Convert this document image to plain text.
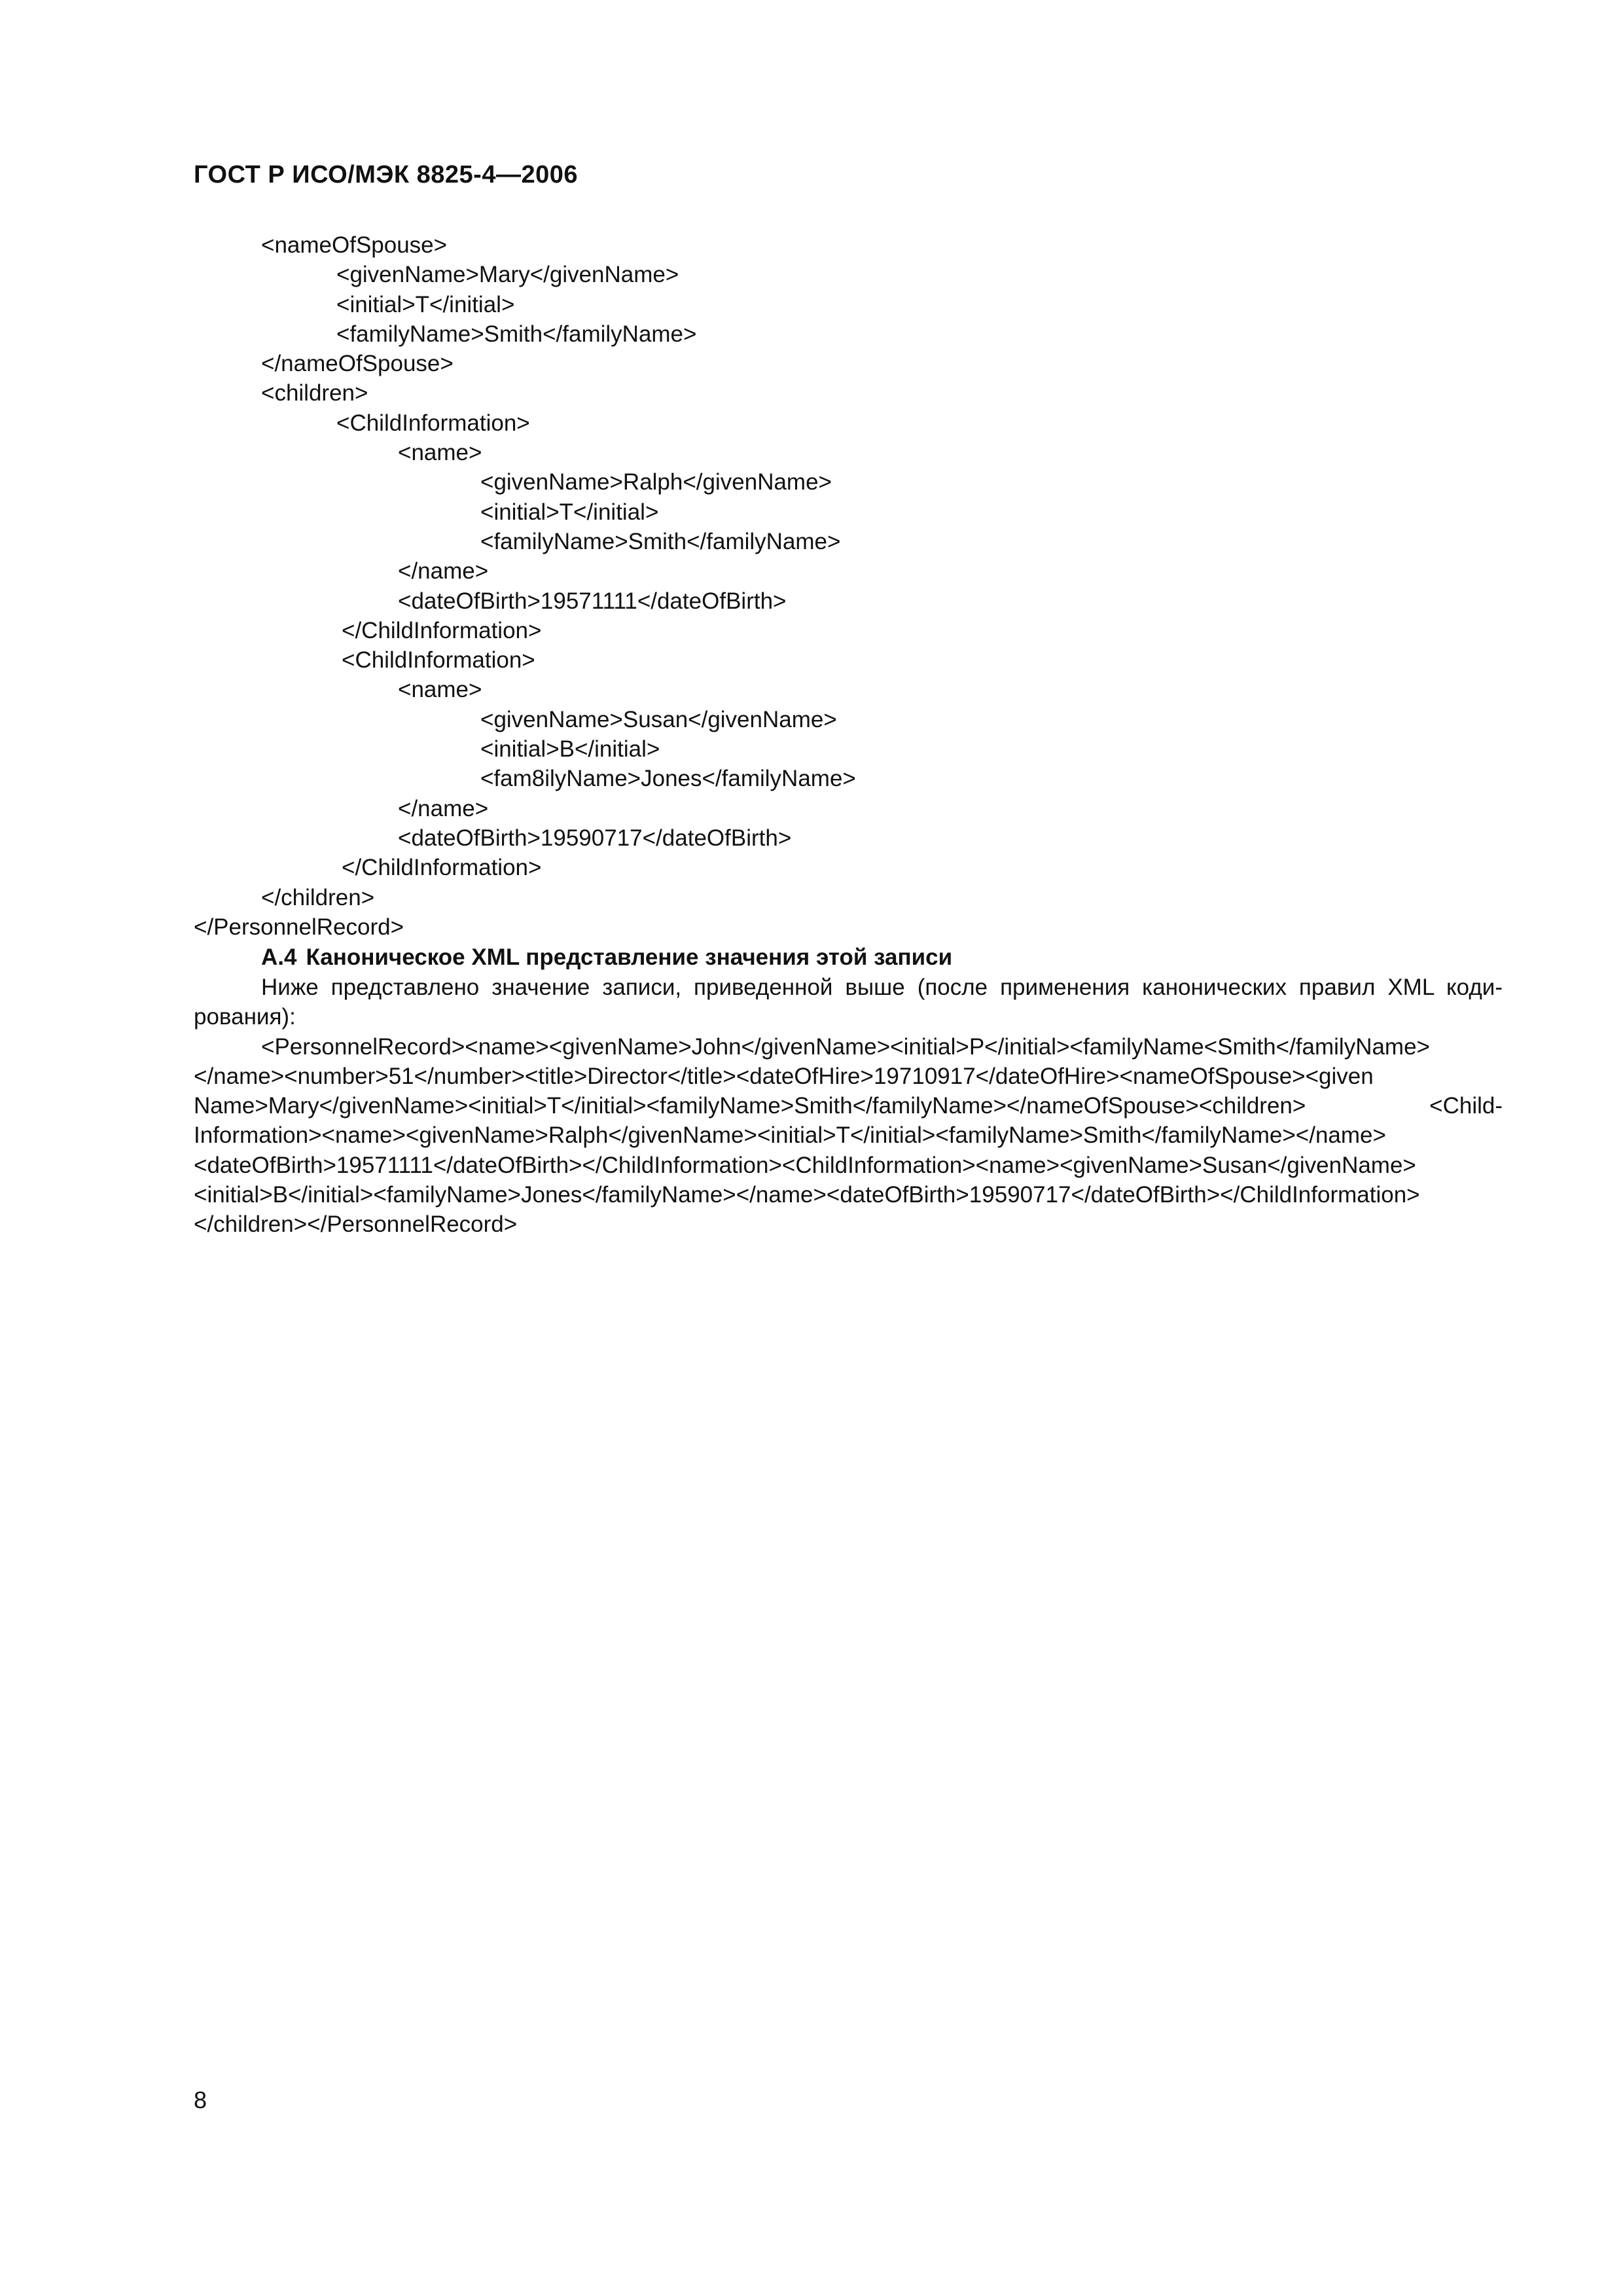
ГОСТ Р ИСО/МЭК 8825-4—2006
<nameOfSpouse>
<givenName>Mary</givenName>
<initial>T</initial>
<familyName>Smith</familyName>
</nameOfSpouse>
<children>
<ChildInformation>
<name>
<givenName>Ralph</givenName>
<initial>T</initial>
<familyName>Smith</familyName>
</name>
<dateOfBirth>19571111</dateOfBirth>
</ChildInformation>
<ChildInformation>
<name>
<givenName>Susan</givenName>
<initial>B</initial>
<fam8ilyName>Jones</familyName>
</name>
<dateOfBirth>19590717</dateOfBirth>
</ChildInformation>
</children>
</PersonnelRecord>
A.4 Каноническое XML представление значения этой записи
Ниже представлено значение записи, приведенной выше (после применения канонических правил XML коди-
рования):
<PersonnelRecord><name><givenName>John</givenName><initial>P</initial><familyName<Smith</familyName>
</name><number>51</number><title>Director</title><dateOfHire>19710917</dateOfHire><nameOfSpouse><given
Name>Mary</givenName><initial>T</initial><familyName>Smith</familyName></nameOfSpouse><children> <Child-
Information><name><givenName>Ralph</givenName><initial>T</initial><familyName>Smith</familyName></name>
<dateOfBirth>19571111</dateOfBirth></ChildInformation><ChildInformation><name><givenName>Susan</givenName>
<initial>B</initial><familyName>Jones</familyName></name><dateOfBirth>19590717</dateOfBirth></ChildInformation>
</children></PersonnelRecord>
8
